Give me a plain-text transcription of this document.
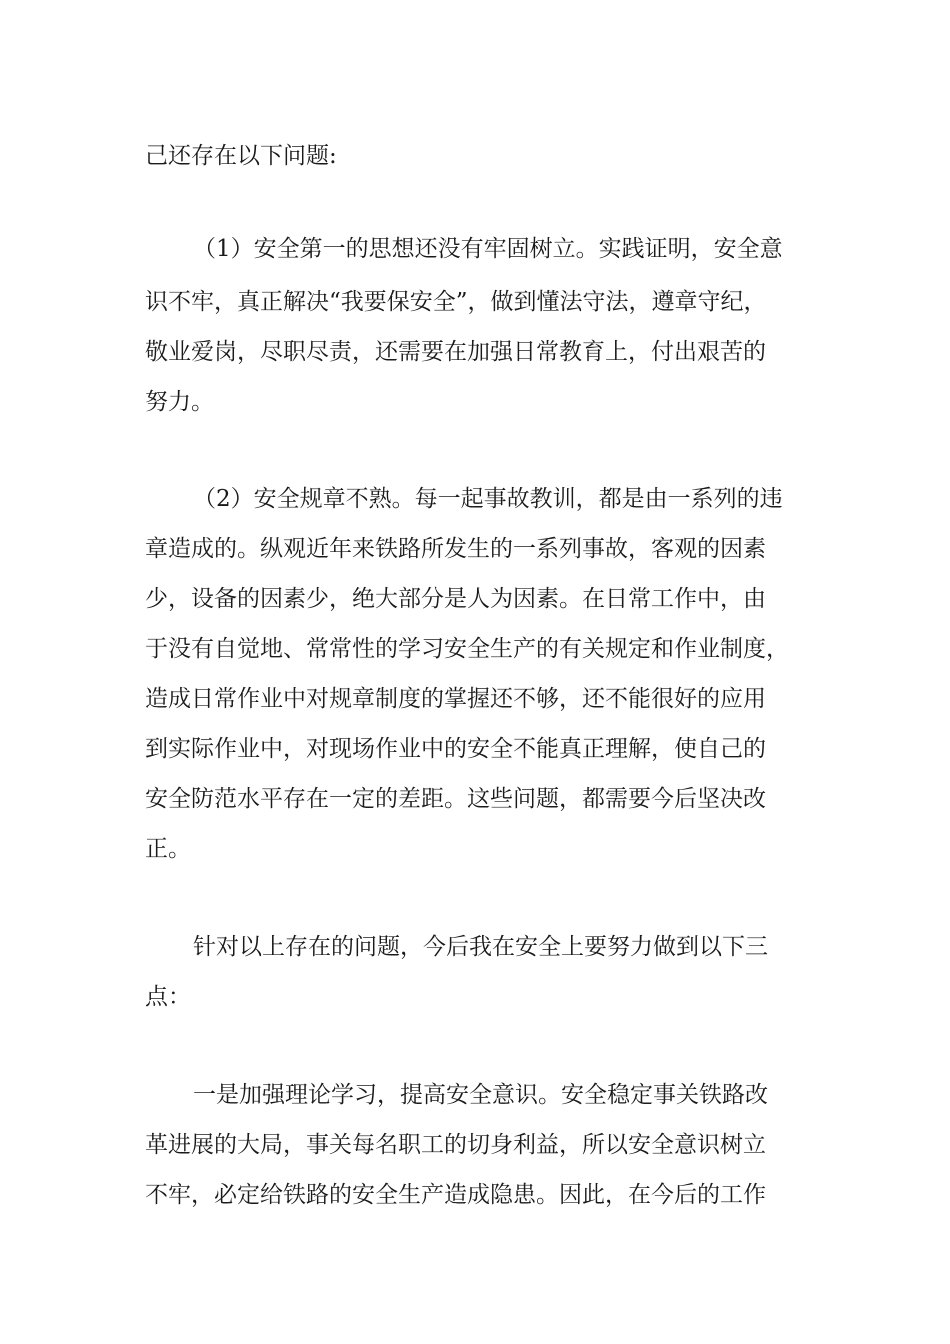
己还存在以下问题:
（1）安全第一的思想还没有牢固树立。实践证明，安全意
识不牢，真正解决“我要保安全”，做到懂法守法，遵章守纪，
敬业爱岗，尽职尽责，还需要在加强日常教育上，付出艰苦的
努力。
（2）安全规章不熟。每一起事故教训，都是由一系列的违
章造成的。纵观近年来铁路所发生的一系列事故，客观的因素
少，设备的因素少，绝大部分是人为因素。在日常工作中，由
于没有自觉地、常常性的学习安全生产的有关规定和作业制度，
造成日常作业中对规章制度的掌握还不够，还不能很好的应用
到实际作业中，对现场作业中的安全不能真正理解，使自己的
安全防范水平存在一定的差距。这些问题，都需要今后坚决改
正。
针对以上存在的问题，今后我在安全上要努力做到以下三
点：
一是加强理论学习，提高安全意识。安全稳定事关铁路改
革进展的大局，事关每名职工的切身利益，所以安全意识树立
不牢，必定给铁路的安全生产造成隐患。因此，在今后的工作
